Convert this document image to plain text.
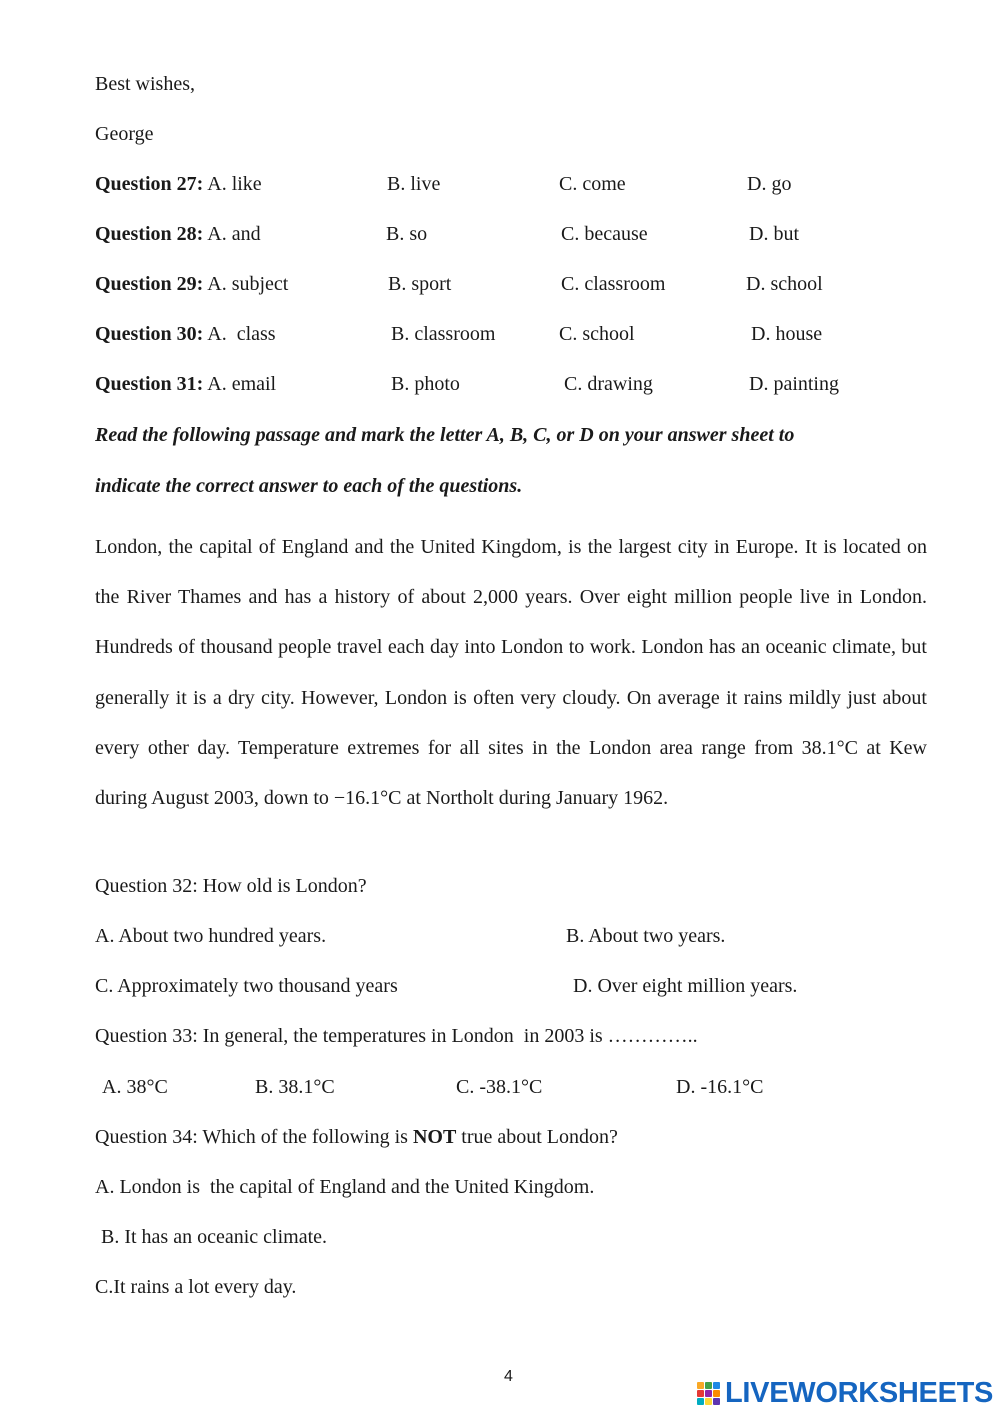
Best wishes,
George
Question 27: A. like	B. live	C. come	D. go
Question 28: A. and	B. so	C. because	D. but
Question 29: A. subject	B. sport	C. classroom	D. school
Question 30: A.  class	B. classroom	C. school	D. house
Question 31: A. email	B. photo	C. drawing	D. painting
Read the following passage and mark the letter A, B, C, or D on your answer sheet to
indicate the correct answer to each of the questions.
London, the capital of England and the United Kingdom, is the largest city in Europe. It is located on the River Thames and has a history of about 2,000 years. Over eight million people live in London. Hundreds of thousand people travel each day into London to work. London has an oceanic climate, but generally it is a dry city. However, London is often very cloudy. On average it rains mildly just about every other day. Temperature extremes for all sites in the London area range from 38.1°C at Kew during August 2003, down to −16.1°C at Northolt during January 1962.
Question 32: How old is London?
A. About two hundred years.	B. About two years.
C. Approximately two thousand years	D. Over eight million years.
Question 33: In general, the temperatures in London  in 2003 is …………..
A. 38°C	B. 38.1°C	C. -38.1°C	D. -16.1°C
Question 34: Which of the following is NOT true about London?
A. London is  the capital of England and the United Kingdom.
B. It has an oceanic climate.
C.It rains a lot every day.
4	LIVEWORKSHEETS
